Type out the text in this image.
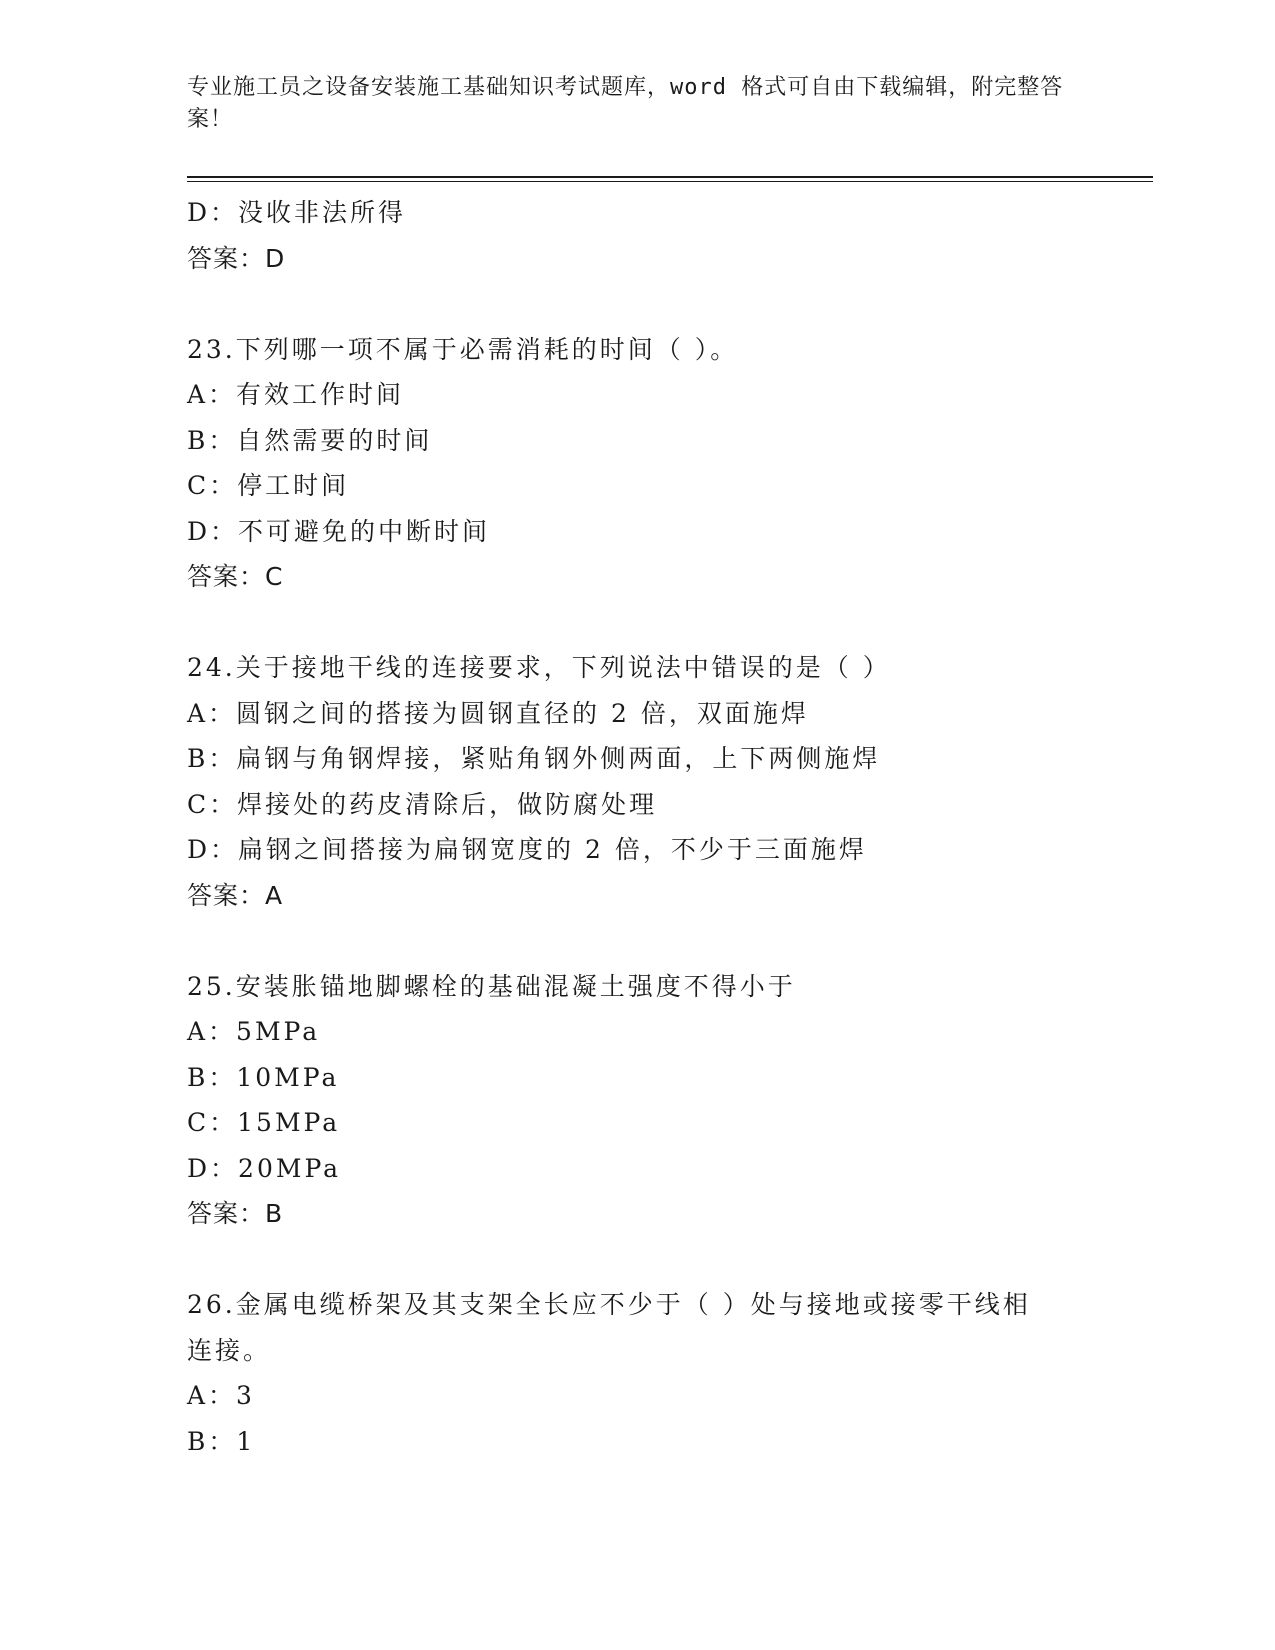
专业施工员之设备安装施工基础知识考试题库，word 格式可自由下载编辑，附完整答案！
D：没收非法所得
答案：D
23.下列哪一项不属于必需消耗的时间（ ）。
A：有效工作时间
B：自然需要的时间
C：停工时间
D：不可避免的中断时间
答案：C
24.关于接地干线的连接要求，下列说法中错误的是（ ）
A：圆钢之间的搭接为圆钢直径的 2 倍，双面施焊
B：扁钢与角钢焊接，紧贴角钢外侧两面，上下两侧施焊
C：焊接处的药皮清除后，做防腐处理
D：扁钢之间搭接为扁钢宽度的 2 倍，不少于三面施焊
答案：A
25.安装胀锚地脚螺栓的基础混凝土强度不得小于
A：5MPa
B：10MPa
C：15MPa
D：20MPa
答案：B
26.金属电缆桥架及其支架全长应不少于（ ）处与接地或接零干线相
连接。
A：3
B：1
